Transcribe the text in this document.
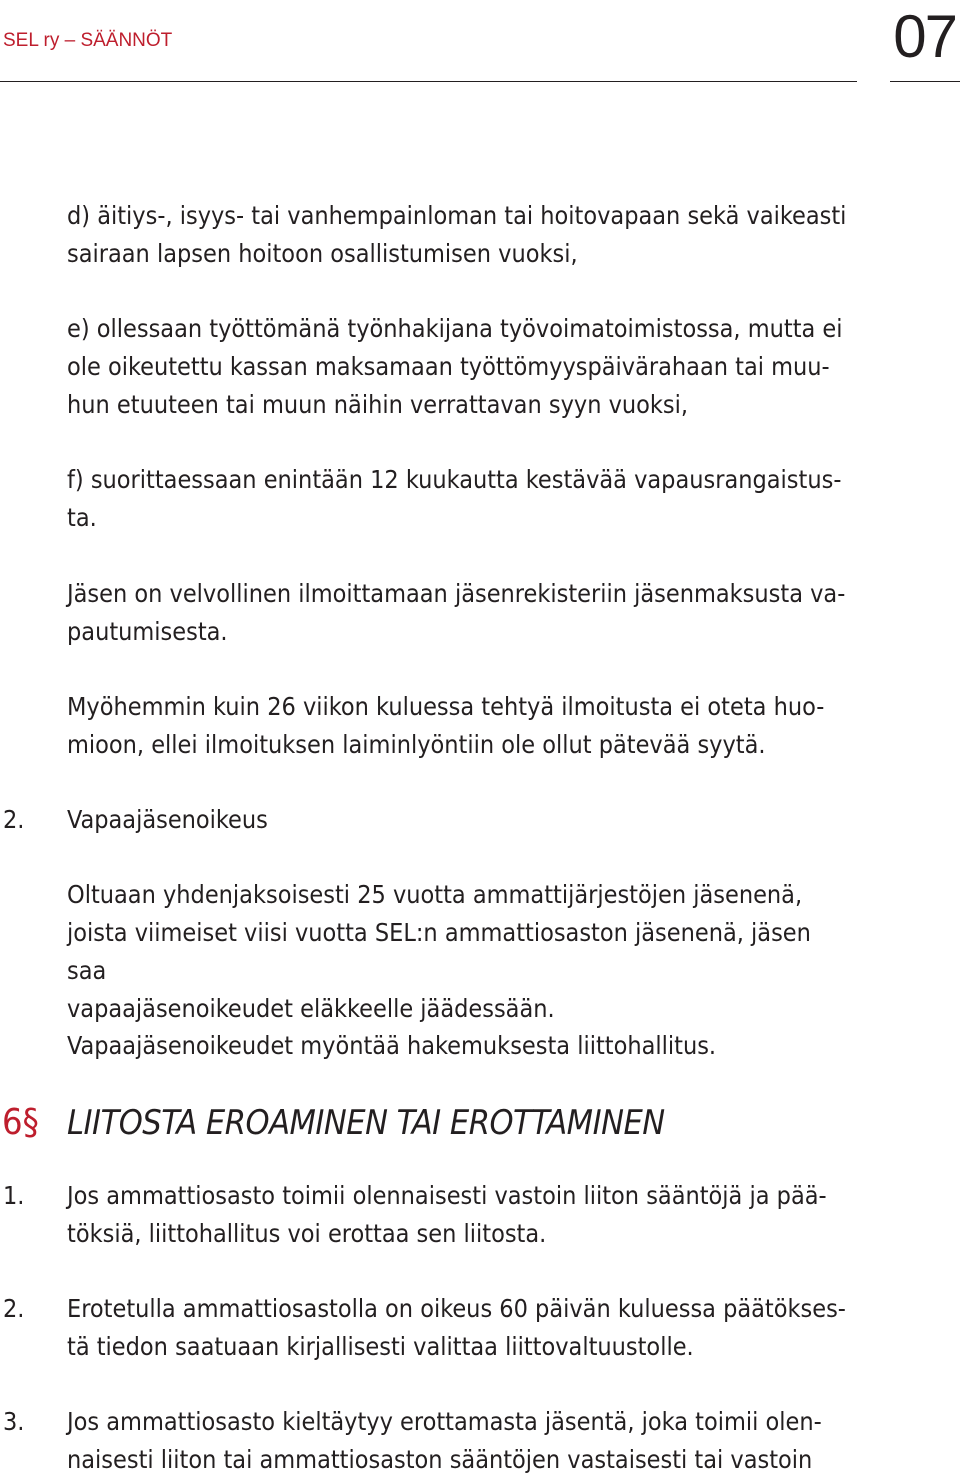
SEL ry – SÄÄNNÖT	07

d) äitiys-, isyys- tai vanhempainloman tai hoitovapaan sekä vaikeasti

sairaan lapsen hoitoon osallistumisen vuoksi,

e) ollessaan työttömänä työnhakijana työvoimatoimistossa, mutta ei

ole oikeutettu kassan maksamaan työttömyyspäivärahaan tai muu-

hun etuuteen tai muun näihin verrattavan syyn vuoksi,

f) suorittaessaan enintään 12 kuukautta kestävää vapausrangaistus-

ta.

Jäsen on velvollinen ilmoittamaan jäsenrekisteriin jäsenmaksusta va-

pautumisesta.

Myöhemmin kuin 26 viikon kuluessa tehtyä ilmoitusta ei oteta huo-

mioon, ellei ilmoituksen laiminlyöntiin ole ollut pätevää syytä.

2. Vapaajäsenoikeus

Oltuaan yhdenjaksoisesti 25 vuotta ammattijärjestöjen jäsenenä,

joista viimeiset viisi vuotta SEL:n ammattiosaston jäsenenä, jäsen saa

vapaajäsenoikeudet eläkkeelle jäädessään.

Vapaajäsenoikeudet myöntää hakemuksesta liittohallitus.

6§ LIITOSTA EROAMINEN TAI EROTTAMINEN
1. Jos ammattiosasto toimii olennaisesti vastoin liiton sääntöjä ja pää-

töksiä, liittohallitus voi erottaa sen liitosta.

2. Erotetulla ammattiosastolla on oikeus 60 päivän kuluessa päätökses-

tä tiedon saatuaan kirjallisesti valittaa liittovaltuustolle.

3. Jos ammattiosasto kieltäytyy erottamasta jäsentä, joka toimii olen-

naisesti liiton tai ammattiosaston sääntöjen vastaisesti tai vastoin
